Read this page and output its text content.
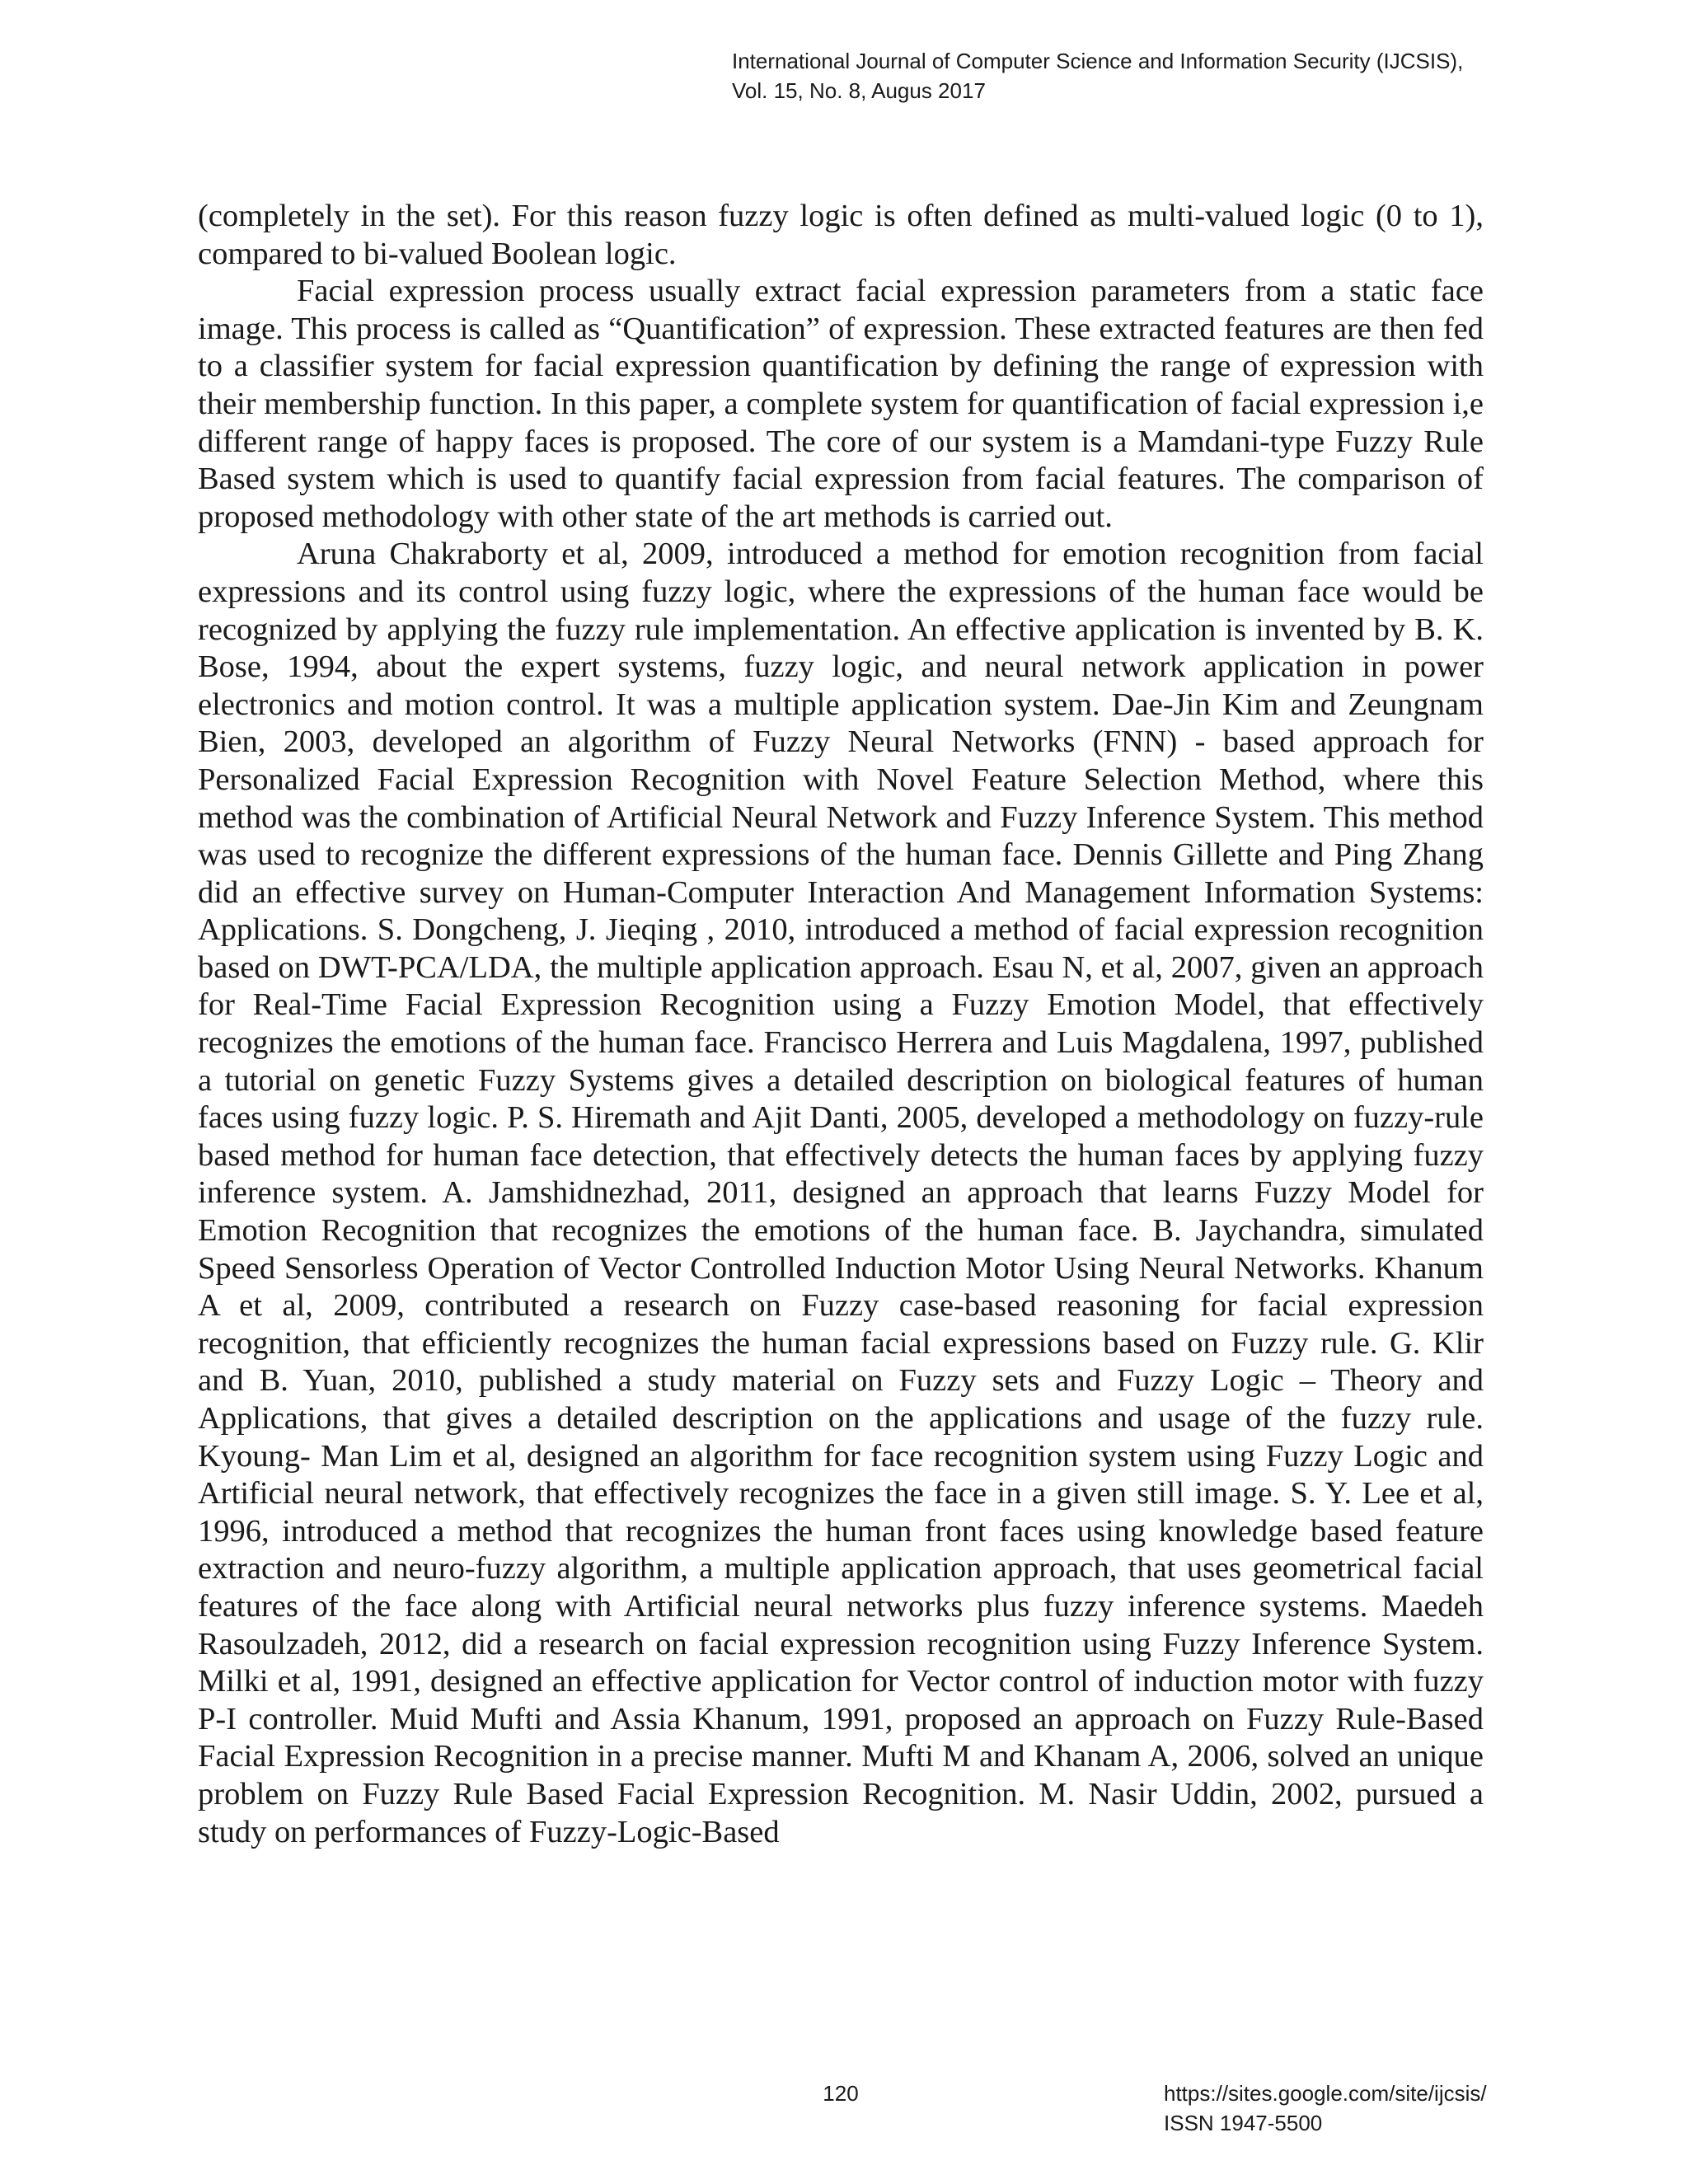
International Journal of Computer Science and Information Security (IJCSIS),
Vol. 15, No. 8, Augus 2017

(completely in the set). For this reason fuzzy logic is often defined as multi-valued logic (0 to 1), compared to bi-valued Boolean logic.

Facial expression process usually extract facial expression parameters from a static face image. This process is called as “Quantification” of expression. These extracted features are then fed to a classifier system for facial expression quantification by defining the range of expression with their membership function. In this paper, a complete system for quantification of facial expression i,e different range of happy faces is proposed. The core of our system is a Mamdani-type Fuzzy Rule Based system which is used to quantify facial expression from facial features. The comparison of proposed methodology with other state of the art methods is carried out.

Aruna Chakraborty et al, 2009, introduced a method for emotion recognition from facial expressions and its control using fuzzy logic, where the expressions of the human face would be recognized by applying the fuzzy rule implementation. An effective application is invented by B. K. Bose, 1994, about the expert systems, fuzzy logic, and neural network application in power electronics and motion control. It was a multiple application system. Dae-Jin Kim and Zeungnam Bien, 2003, developed an algorithm of Fuzzy Neural Networks (FNN) - based approach for Personalized Facial Expression Recognition with Novel Feature Selection Method, where this method was the combination of Artificial Neural Network and Fuzzy Inference System. This method was used to recognize the different expressions of the human face. Dennis Gillette and Ping Zhang did an effective survey on Human-Computer Interaction And Management Information Systems: Applications. S. Dongcheng, J. Jieqing , 2010, introduced a method of facial expression recognition based on DWT-PCA/LDA, the multiple application approach. Esau N, et al, 2007, given an approach for Real-Time Facial Expression Recognition using a Fuzzy Emotion Model, that effectively recognizes the emotions of the human face. Francisco Herrera and Luis Magdalena, 1997, published a tutorial on genetic Fuzzy Systems gives a detailed description on biological features of human faces using fuzzy logic. P. S. Hiremath and Ajit Danti, 2005, developed a methodology on fuzzy-rule based method for human face detection, that effectively detects the human faces by applying fuzzy inference system. A. Jamshidnezhad, 2011, designed an approach that learns Fuzzy Model for Emotion Recognition that recognizes the emotions of the human face. B. Jaychandra, simulated Speed Sensorless Operation of Vector Controlled Induction Motor Using Neural Networks. Khanum A et al, 2009, contributed a research on Fuzzy case-based reasoning for facial expression recognition, that efficiently recognizes the human facial expressions based on Fuzzy rule. G. Klir and B. Yuan, 2010, published a study material on Fuzzy sets and Fuzzy Logic – Theory and Applications, that gives a detailed description on the applications and usage of the fuzzy rule. Kyoung- Man Lim et al, designed an algorithm for face recognition system using Fuzzy Logic and Artificial neural network, that effectively recognizes the face in a given still image. S. Y. Lee et al, 1996, introduced a method that recognizes the human front faces using knowledge based feature extraction and neuro-fuzzy algorithm, a multiple application approach, that uses geometrical facial features of the face along with Artificial neural networks plus fuzzy inference systems. Maedeh Rasoulzadeh, 2012, did a research on facial expression recognition using Fuzzy Inference System. Milki et al, 1991, designed an effective application for Vector control of induction motor with fuzzy P-I controller. Muid Mufti and Assia Khanum, 1991, proposed an approach on Fuzzy Rule-Based Facial Expression Recognition in a precise manner. Mufti M and Khanam A, 2006, solved an unique problem on Fuzzy Rule Based Facial Expression Recognition. M. Nasir Uddin, 2002, pursued a study on performances of Fuzzy-Logic-Based

120	https://sites.google.com/site/ijcsis/
ISSN 1947-5500
